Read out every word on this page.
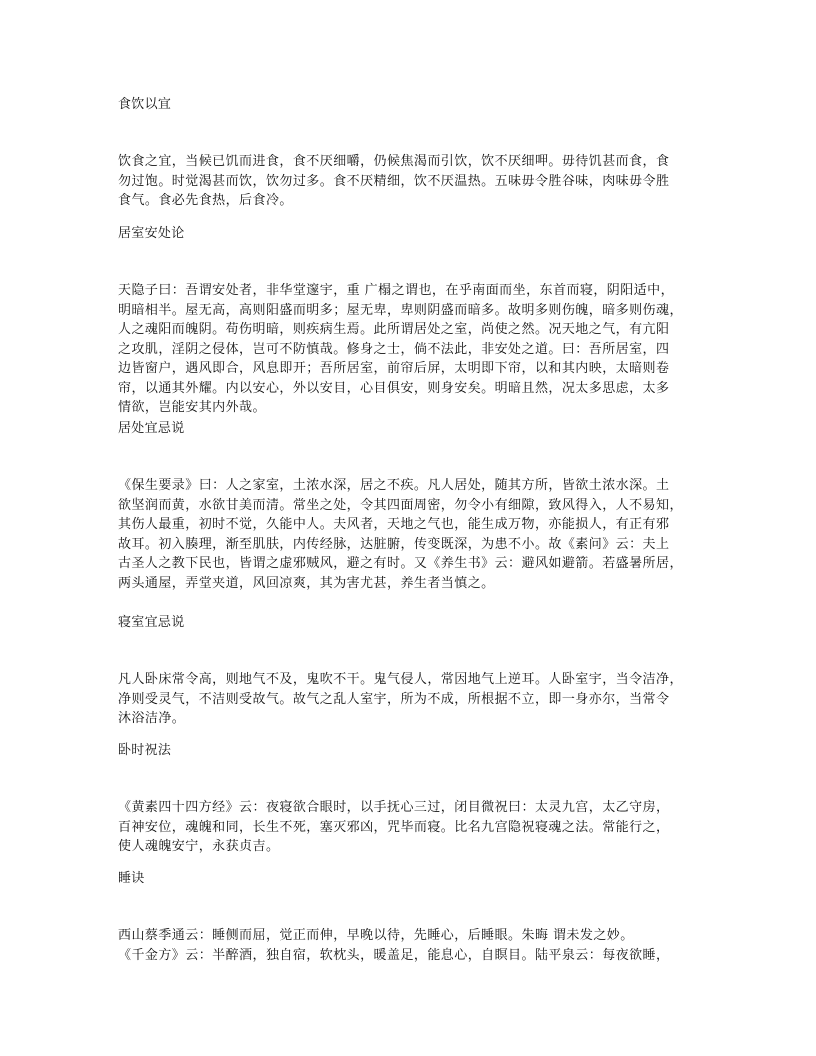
食饮以宜
饮食之宜，当候已饥而进食，食不厌细嚼，仍候焦渴而引饮，饮不厌细呷。毋待饥甚而食，食
勿过饱。时觉渴甚而饮，饮勿过多。食不厌精细，饮不厌温热。五味毋令胜谷味，肉味毋令胜
食气。食必先食热，后食冷。
居室安处论
天隐子曰：吾谓安处者，非华堂邃宇，重 广榻之谓也，在乎南面而坐，东首而寝，阴阳适中，
明暗相半。屋无高，高则阳盛而明多；屋无卑，卑则阴盛而暗多。故明多则伤魄，暗多则伤魂，
人之魂阳而魄阴。苟伤明暗，则疾病生焉。此所谓居处之室，尚使之然。况天地之气，有亢阳
之攻肌，淫阴之侵体，岂可不防慎哉。修身之士，倘不法此，非安处之道。曰：吾所居室，四
边皆窗户，遇风即合，风息即开；吾所居室，前帘后屏，太明即下帘，以和其内映，太暗则卷
帘，以通其外耀。内以安心，外以安目，心目俱安，则身安矣。明暗且然，况太多思虑，太多
情欲，岂能安其内外哉。
居处宜忌说
《保生要录》曰：人之家室，土浓水深，居之不疾。凡人居处，随其方所，皆欲土浓水深。土
欲坚润而黄，水欲甘美而清。常坐之处，令其四面周密，勿令小有细隙，致风得入，人不易知，
其伤人最重，初时不觉，久能中人。夫风者，天地之气也，能生成万物，亦能损人，有正有邪
故耳。初入腠理，渐至肌肤，内传经脉，达脏腑，传变既深，为患不小。故《素问》云：夫上
古圣人之教下民也，皆谓之虚邪贼风，避之有时。又《养生书》云：避风如避箭。若盛暑所居，
两头通屋，弄堂夹道，风回凉爽，其为害尤甚，养生者当慎之。
寝室宜忌说
凡人卧床常令高，则地气不及，鬼吹不干。鬼气侵人，常因地气上逆耳。人卧室宇，当令洁净，
净则受灵气，不洁则受故气。故气之乱人室宇，所为不成，所根据不立，即一身亦尔，当常令
沐浴洁净。
卧时祝法
《黄素四十四方经》云：夜寝欲合眼时，以手抚心三过，闭目微祝曰：太灵九宫，太乙守房，
百神安位，魂魄和同，长生不死，塞灭邪凶，咒毕而寝。比名九宫隐祝寝魂之法。常能行之，
使人魂魄安宁，永获贞吉。
睡诀
西山蔡季通云：睡侧而屈，觉正而伸，早晚以待，先睡心，后睡眼。朱晦 谓未发之妙。
《千金方》云：半醉酒，独自宿，软枕头，暖盖足，能息心，自瞑目。陆平泉云：每夜欲睡，
